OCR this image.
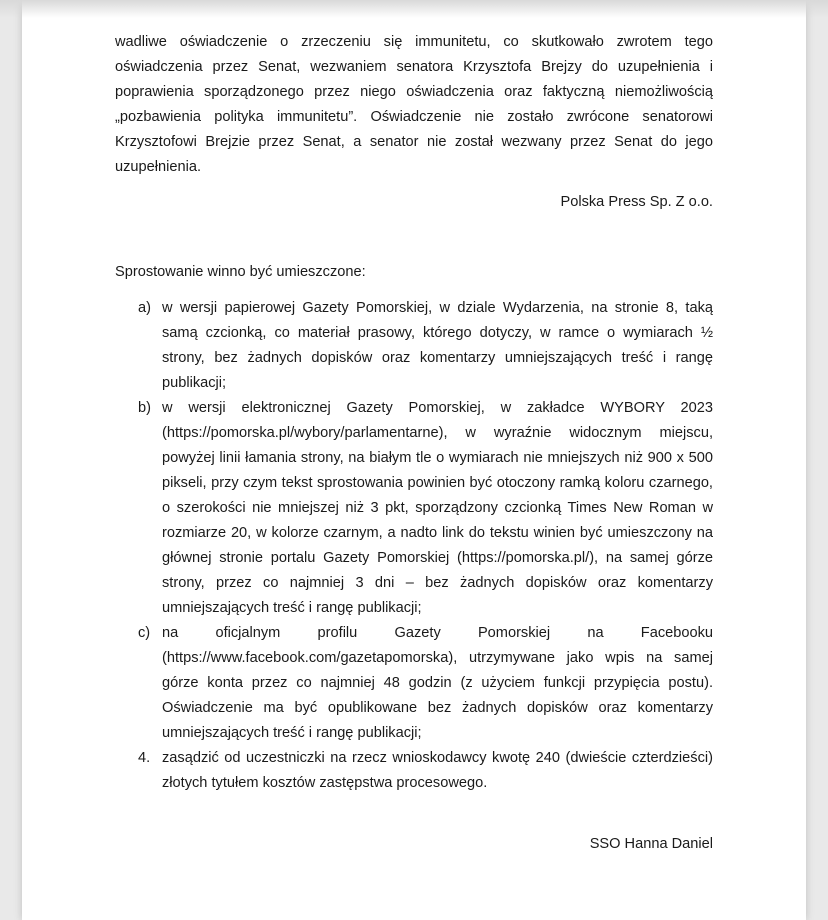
wadliwe oświadczenie o zrzeczeniu się immunitetu, co skutkowało zwrotem tego oświadczenia przez Senat, wezwaniem senatora Krzysztofa Brejzy do uzupełnienia i poprawienia sporządzonego przez niego oświadczenia oraz faktyczną niemożliwością „pozbawienia polityka immunitetu”. Oświadczenie nie zostało zwrócone senatorowi Krzysztofowi Brejzie przez Senat, a senator nie został wezwany przez Senat do jego uzupełnienia.

Polska Press Sp. Z o.o.

Sprostowanie winno być umieszczone:

a) w wersji papierowej Gazety Pomorskiej, w dziale Wydarzenia, na stronie 8, taką samą czcionką, co materiał prasowy, którego dotyczy, w ramce o wymiarach ½ strony, bez żadnych dopisków oraz komentarzy umniejszających treść i rangę publikacji;
b) w wersji elektronicznej Gazety Pomorskiej, w zakładce WYBORY 2023 (https://pomorska.pl/wybory/parlamentarne), w wyraźnie widocznym miejscu, powyżej linii łamania strony, na białym tle o wymiarach nie mniejszych niż 900 x 500 pikseli, przy czym tekst sprostowania powinien być otoczony ramką koloru czarnego, o szerokości nie mniejszej niż 3 pkt, sporządzony czcionką Times New Roman w rozmiarze 20, w kolorze czarnym, a nadto link do tekstu winien być umieszczony na głównej stronie portalu Gazety Pomorskiej (https://pomorska.pl/), na samej górze strony, przez co najmniej 3 dni – bez żadnych dopisków oraz komentarzy umniejszających treść i rangę publikacji;
c) na oficjalnym profilu Gazety Pomorskiej na Facebooku (https://www.facebook.com/gazetapomorska), utrzymywane jako wpis na samej górze konta przez co najmniej 48 godzin (z użyciem funkcji przypięcia postu). Oświadczenie ma być opublikowane bez żadnych dopisków oraz komentarzy umniejszających treść i rangę publikacji;
4. zasądzić od uczestniczki na rzecz wnioskodawcy kwotę 240 (dwieście czterdzieści) złotych tytułem kosztów zastępstwa procesowego.

SSO Hanna Daniel
